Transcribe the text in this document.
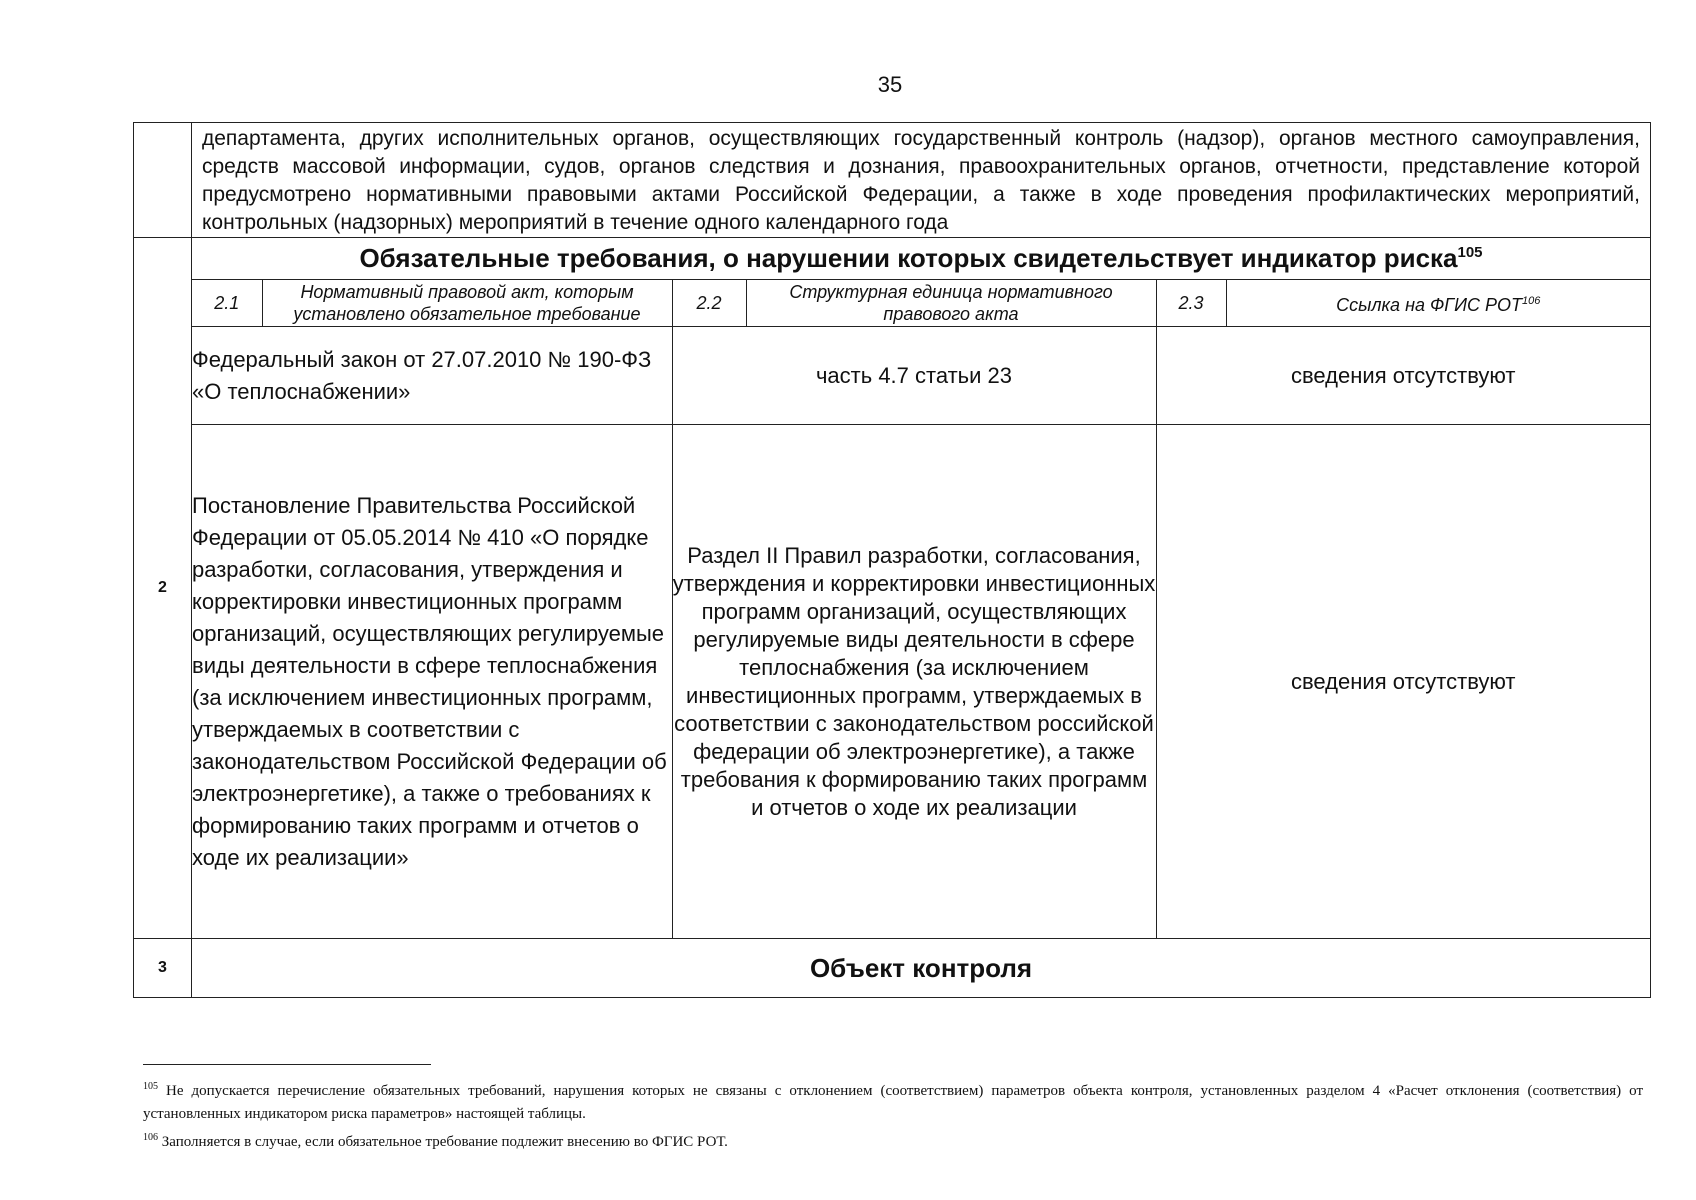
35

департамента, других исполнительных органов, осуществляющих государственный контроль (надзор), органов местного самоуправления, средств массовой информации, судов, органов следствия и дознания, правоохранительных органов, отчетности, представление которой предусмотрено нормативными правовыми актами Российской Федерации, а также в ходе проведения профилактических мероприятий, контрольных (надзорных) мероприятий в течение одного календарного года

2	Обязательные требования, о нарушении которых свидетельствует индикатор риска$^{105}$

2.1	Нормативный правовой акт, которым установлено обязательное требование	2.2	Структурная единица нормативного правового акта	2.3	Ссылка на ФГИС РОТ$^{106}$
Федеральный закон от 27.07.2010 № 190-ФЗ «О теплоснабжении»	часть 4.7 статьи 23	сведения отсутствуют
Постановление Правительства Российской Федерации от 05.05.2014 № 410 «О порядке разработки, согласования, утверждения и корректировки инвестиционных программ организаций, осуществляющих регулируемые виды деятельности в сфере теплоснабжения (за исключением инвестиционных программ, утверждаемых в соответствии с законодательством Российской Федерации об электроэнергетике), а также о требованиях к формированию таких программ и отчетов о ходе их реализации»	Раздел II Правил разработки, согласования, утверждения и корректировки инвестиционных программ организаций, осуществляющих регулируемые виды деятельности в сфере теплоснабжения (за исключением инвестиционных программ, утверждаемых в соответствии с законодательством российской федерации об электроэнергетике), а также требования к формированию таких программ и отчетов о ходе их реализации	сведения отсутствуют

3	Объект контроля

$^{105}$ Не допускается перечисление обязательных требований, нарушения которых не связаны с отклонением (соответствием) параметров объекта контроля, установленных разделом 4 «Расчет отклонения (соответствия) от установленных индикатором риска параметров» настоящей таблицы.

$^{106}$ Заполняется в случае, если обязательное требование подлежит внесению во ФГИС РОТ.
